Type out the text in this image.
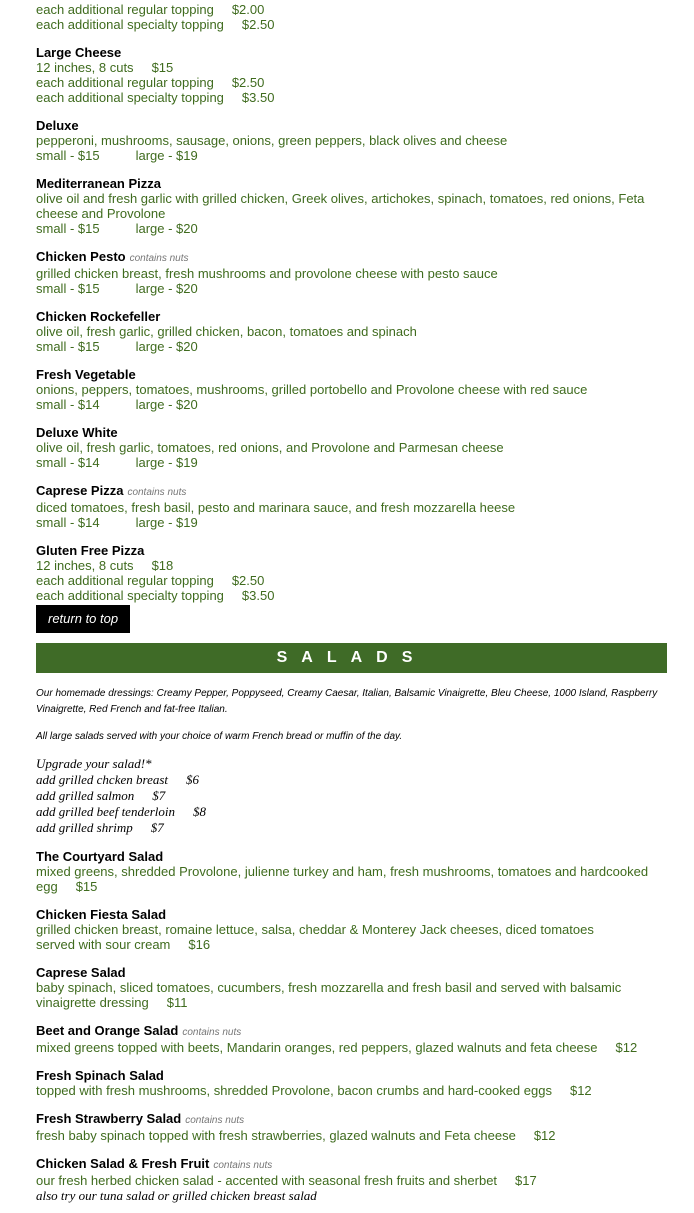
each additional regular topping $2.00
each additional specialty topping $2.50
Large Cheese
12 inches, 8 cuts $15
each additional regular topping $2.50
each additional specialty topping $3.50
Deluxe
pepperoni, mushrooms, sausage, onions, green peppers, black olives and cheese
small - $15	large - $19
Mediterranean Pizza
olive oil and fresh garlic with grilled chicken, Greek olives, artichokes, spinach, tomatoes, red onions, Feta cheese and Provolone
small - $15	large - $20
Chicken Pesto contains nuts
grilled chicken breast, fresh mushrooms and provolone cheese with pesto sauce
small - $15	large - $20
Chicken Rockefeller
olive oil, fresh garlic, grilled chicken, bacon, tomatoes and spinach
small - $15	large - $20
Fresh Vegetable
onions, peppers, tomatoes, mushrooms, grilled portobello and Provolone cheese with red sauce
small - $14	large - $20
Deluxe White
olive oil, fresh garlic, tomatoes, red onions, and Provolone and Parmesan cheese
small - $14	large - $19
Caprese Pizza contains nuts
diced tomatoes, fresh basil, pesto and marinara sauce, and fresh mozzarella heese
small - $14	large - $19
Gluten Free Pizza
12 inches, 8 cuts $18
each additional regular topping $2.50
each additional specialty topping $3.50
return to top
SALADS
Our homemade dressings: Creamy Pepper, Poppyseed, Creamy Caesar, Italian, Balsamic Vinaigrette, Bleu Cheese, 1000 Island, Raspberry Vinaigrette, Red French and fat-free Italian.
All large salads served with your choice of warm French bread or muffin of the day.
Upgrade your salad!*
add grilled chcken breast $6
add grilled salmon $7
add grilled beef tenderloin $8
add grilled shrimp $7
The Courtyard Salad
mixed greens, shredded Provolone, julienne turkey and ham, fresh mushrooms, tomatoes and hardcooked egg $15
Chicken Fiesta Salad
grilled chicken breast, romaine lettuce, salsa, cheddar & Monterey Jack cheeses, diced tomatoes
served with sour cream $16
Caprese Salad
baby spinach, sliced tomatoes, cucumbers, fresh mozzarella and fresh basil and served with balsamic vinaigrette dressing $11
Beet and Orange Salad contains nuts
mixed greens topped with beets, Mandarin oranges, red peppers, glazed walnuts and feta cheese $12
Fresh Spinach Salad
topped with fresh mushrooms, shredded Provolone, bacon crumbs and hard-cooked eggs $12
Fresh Strawberry Salad contains nuts
fresh baby spinach topped with fresh strawberries, glazed walnuts and Feta cheese $12
Chicken Salad & Fresh Fruit contains nuts
our fresh herbed chicken salad - accented with seasonal fresh fruits and sherbet $17
also try our tuna salad or grilled chicken breast salad
